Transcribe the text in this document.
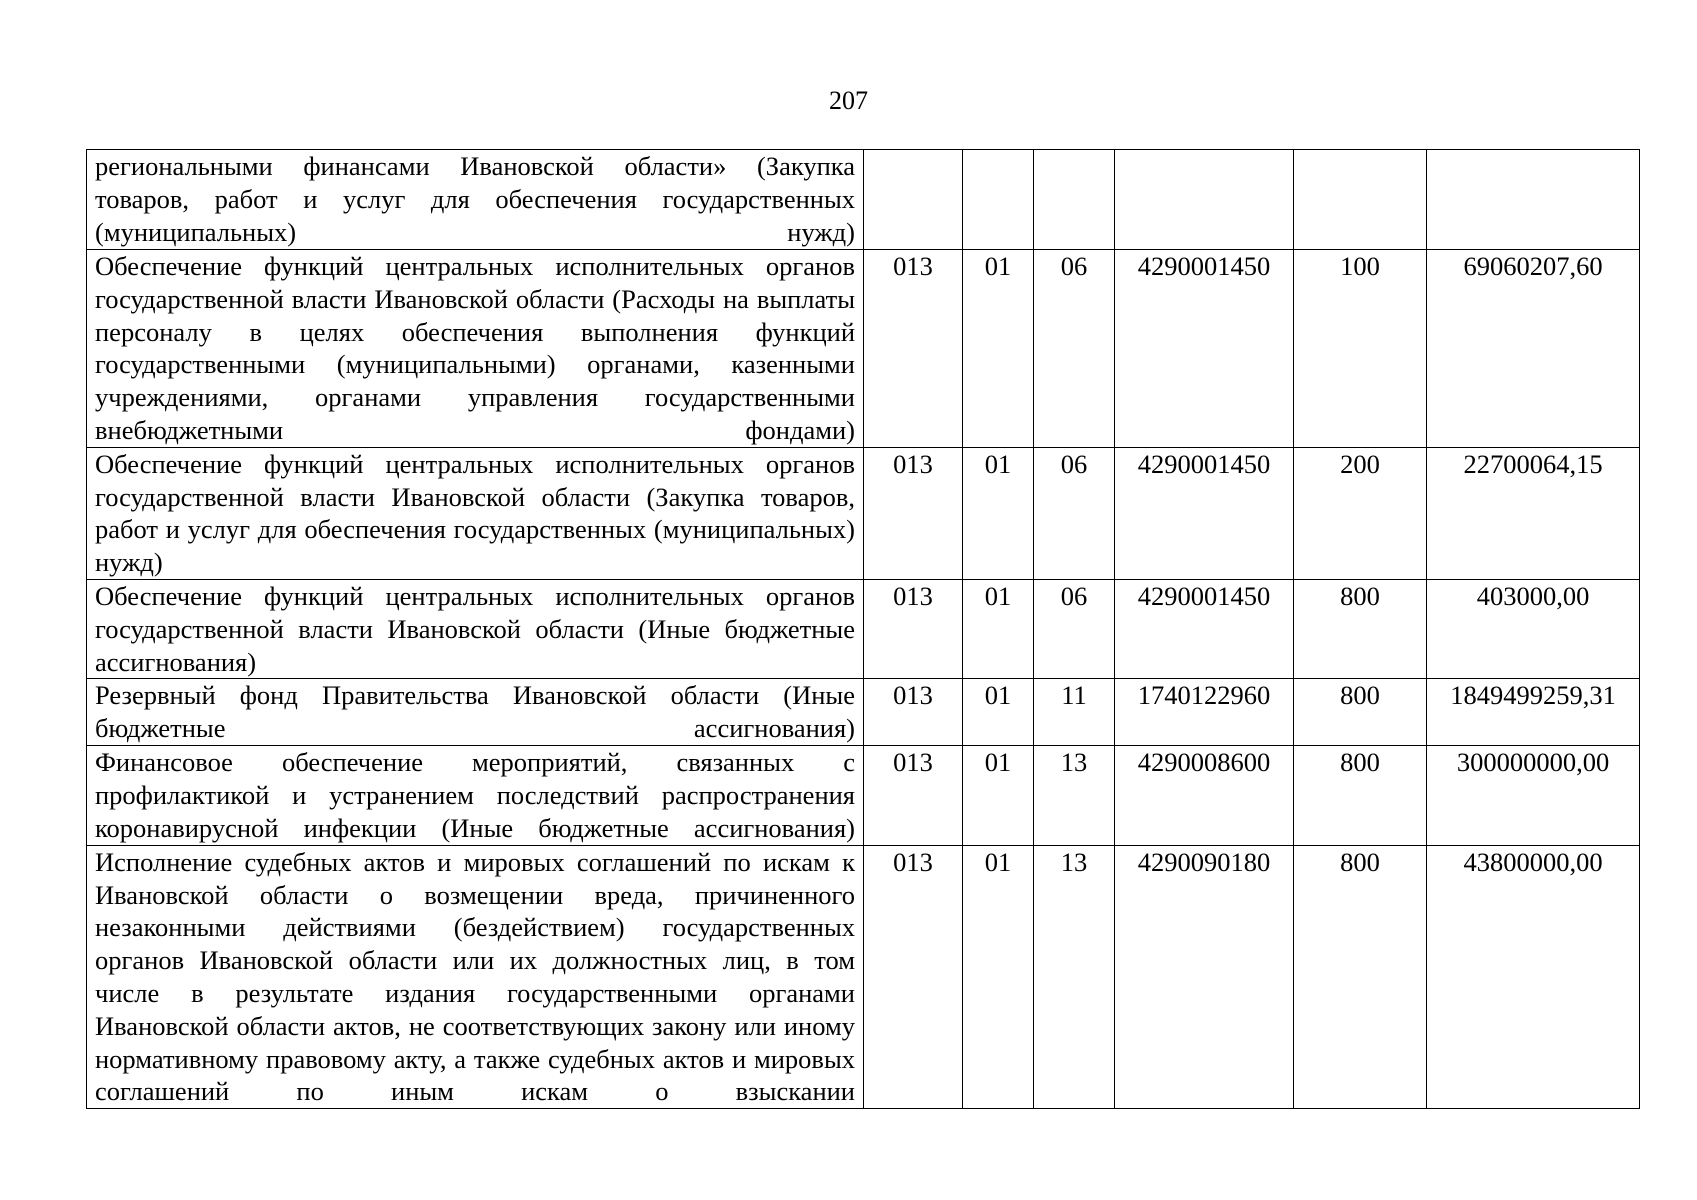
207
региональными финансами Ивановской области» (Закупка товаров, работ и услуг для обеспечения государственных (муниципальных) нужд)						
Обеспечение функций центральных исполнительных органов государственной власти Ивановской области (Расходы на выплаты персоналу в целях обеспечения выполнения функций государственными (муниципальными) органами, казенными учреждениями, органами управления государственными внебюджетными фондами)	013	01	06	4290001450	100	69060207,60
Обеспечение функций центральных исполнительных органов государственной власти Ивановской области (Закупка товаров, работ и услуг для обеспечения государственных (муниципальных) нужд)	013	01	06	4290001450	200	22700064,15
Обеспечение функций центральных исполнительных органов государственной власти Ивановской области (Иные бюджетные ассигнования)	013	01	06	4290001450	800	403000,00
Резервный фонд Правительства Ивановской области (Иные бюджетные ассигнования)	013	01	11	1740122960	800	1849499259,31
Финансовое обеспечение мероприятий, связанных с профилактикой и устранением последствий распространения коронавирусной инфекции (Иные бюджетные ассигнования)	013	01	13	4290008600	800	300000000,00
Исполнение судебных актов и мировых соглашений по искам к Ивановской области о возмещении вреда, причиненного незаконными действиями (бездействием) государственных органов Ивановской области или их должностных лиц, в том числе в результате издания государственными органами Ивановской области актов, не соответствующих закону или иному нормативному правовому акту, а также судебных актов и мировых соглашений по иным искам о взыскании	013	01	13	4290090180	800	43800000,00
